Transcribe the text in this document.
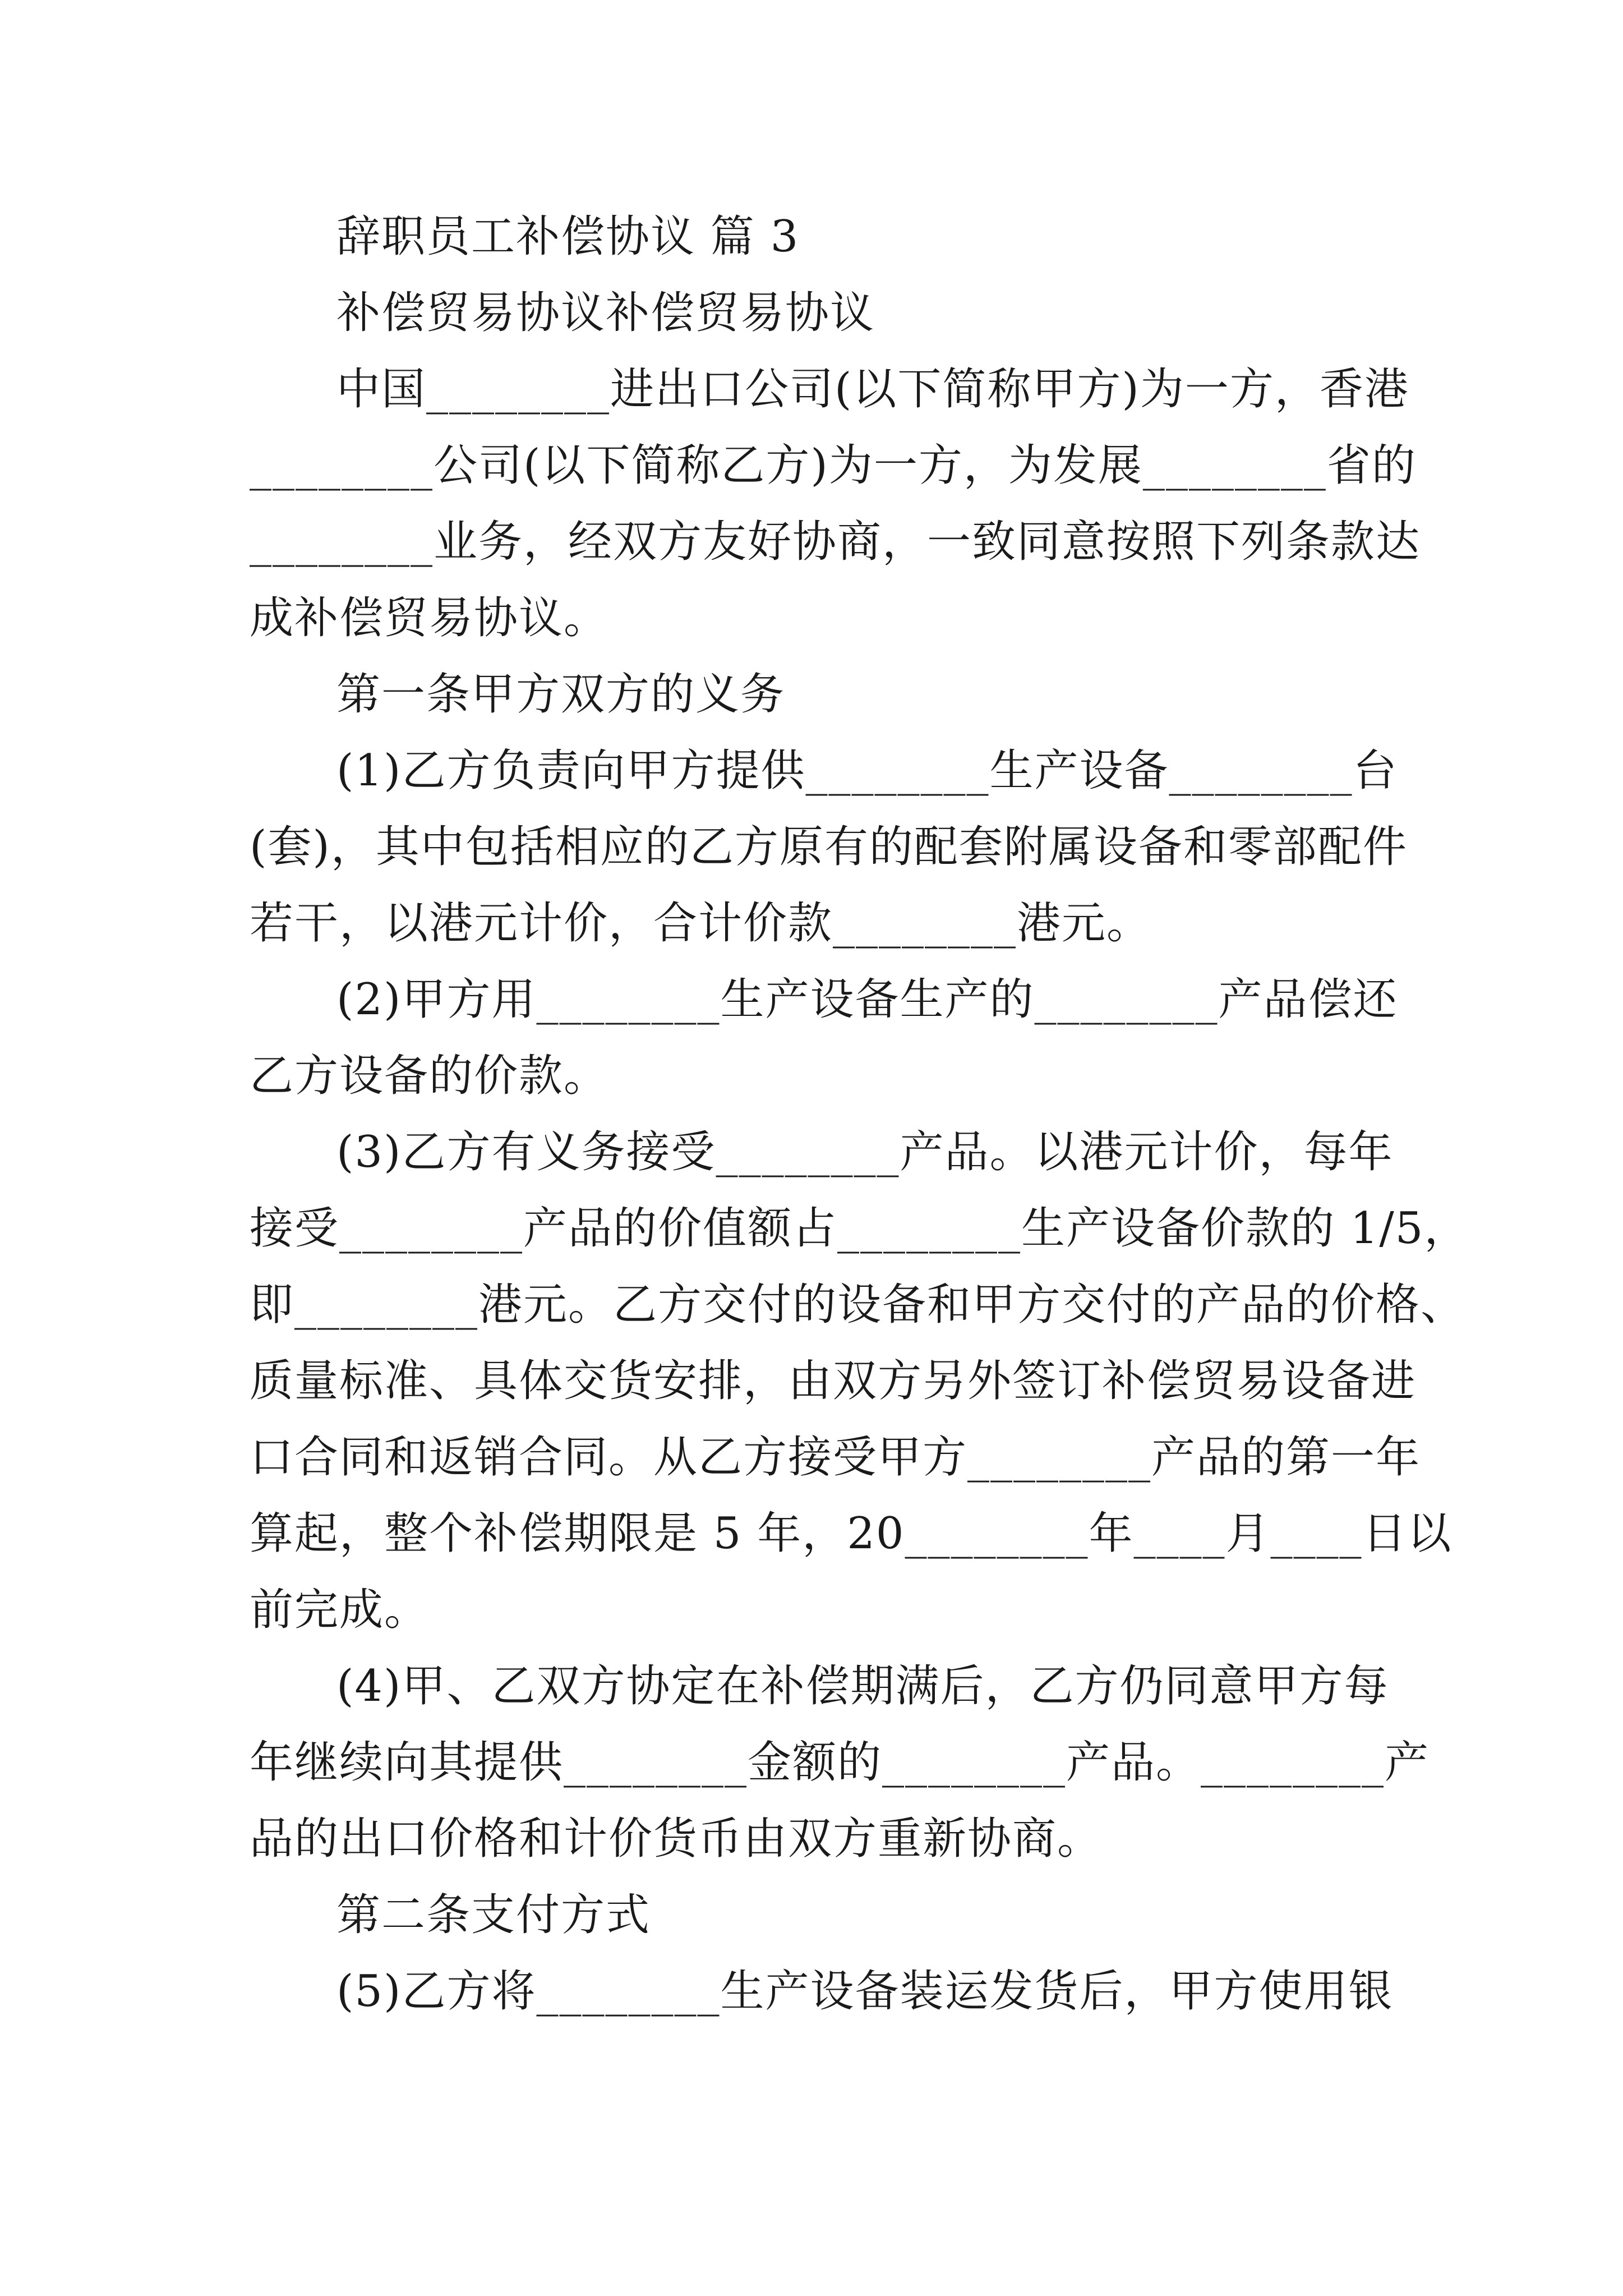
辞职员工补偿协议 篇 3
补偿贸易协议补偿贸易协议
中国________进出口公司(以下简称甲方)为一方，香港
________公司(以下简称乙方)为一方，为发展________省的
________业务，经双方友好协商，一致同意按照下列条款达
成补偿贸易协议。
第一条甲方双方的义务
(1)乙方负责向甲方提供________生产设备________台
(套)，其中包括相应的乙方原有的配套附属设备和零部配件
若干，以港元计价，合计价款________港元。
(2)甲方用________生产设备生产的________产品偿还
乙方设备的价款。
(3)乙方有义务接受________产品。以港元计价，每年
接受________产品的价值额占________生产设备价款的 1/5，
即________港元。乙方交付的设备和甲方交付的产品的价格、
质量标准、具体交货安排，由双方另外签订补偿贸易设备进
口合同和返销合同。从乙方接受甲方________产品的第一年
算起，整个补偿期限是 5 年，20________年____月____日以
前完成。
(4)甲、乙双方协定在补偿期满后，乙方仍同意甲方每
年继续向其提供________金额的________产品。________产
品的出口价格和计价货币由双方重新协商。
第二条支付方式
(5)乙方将________生产设备装运发货后，甲方使用银
